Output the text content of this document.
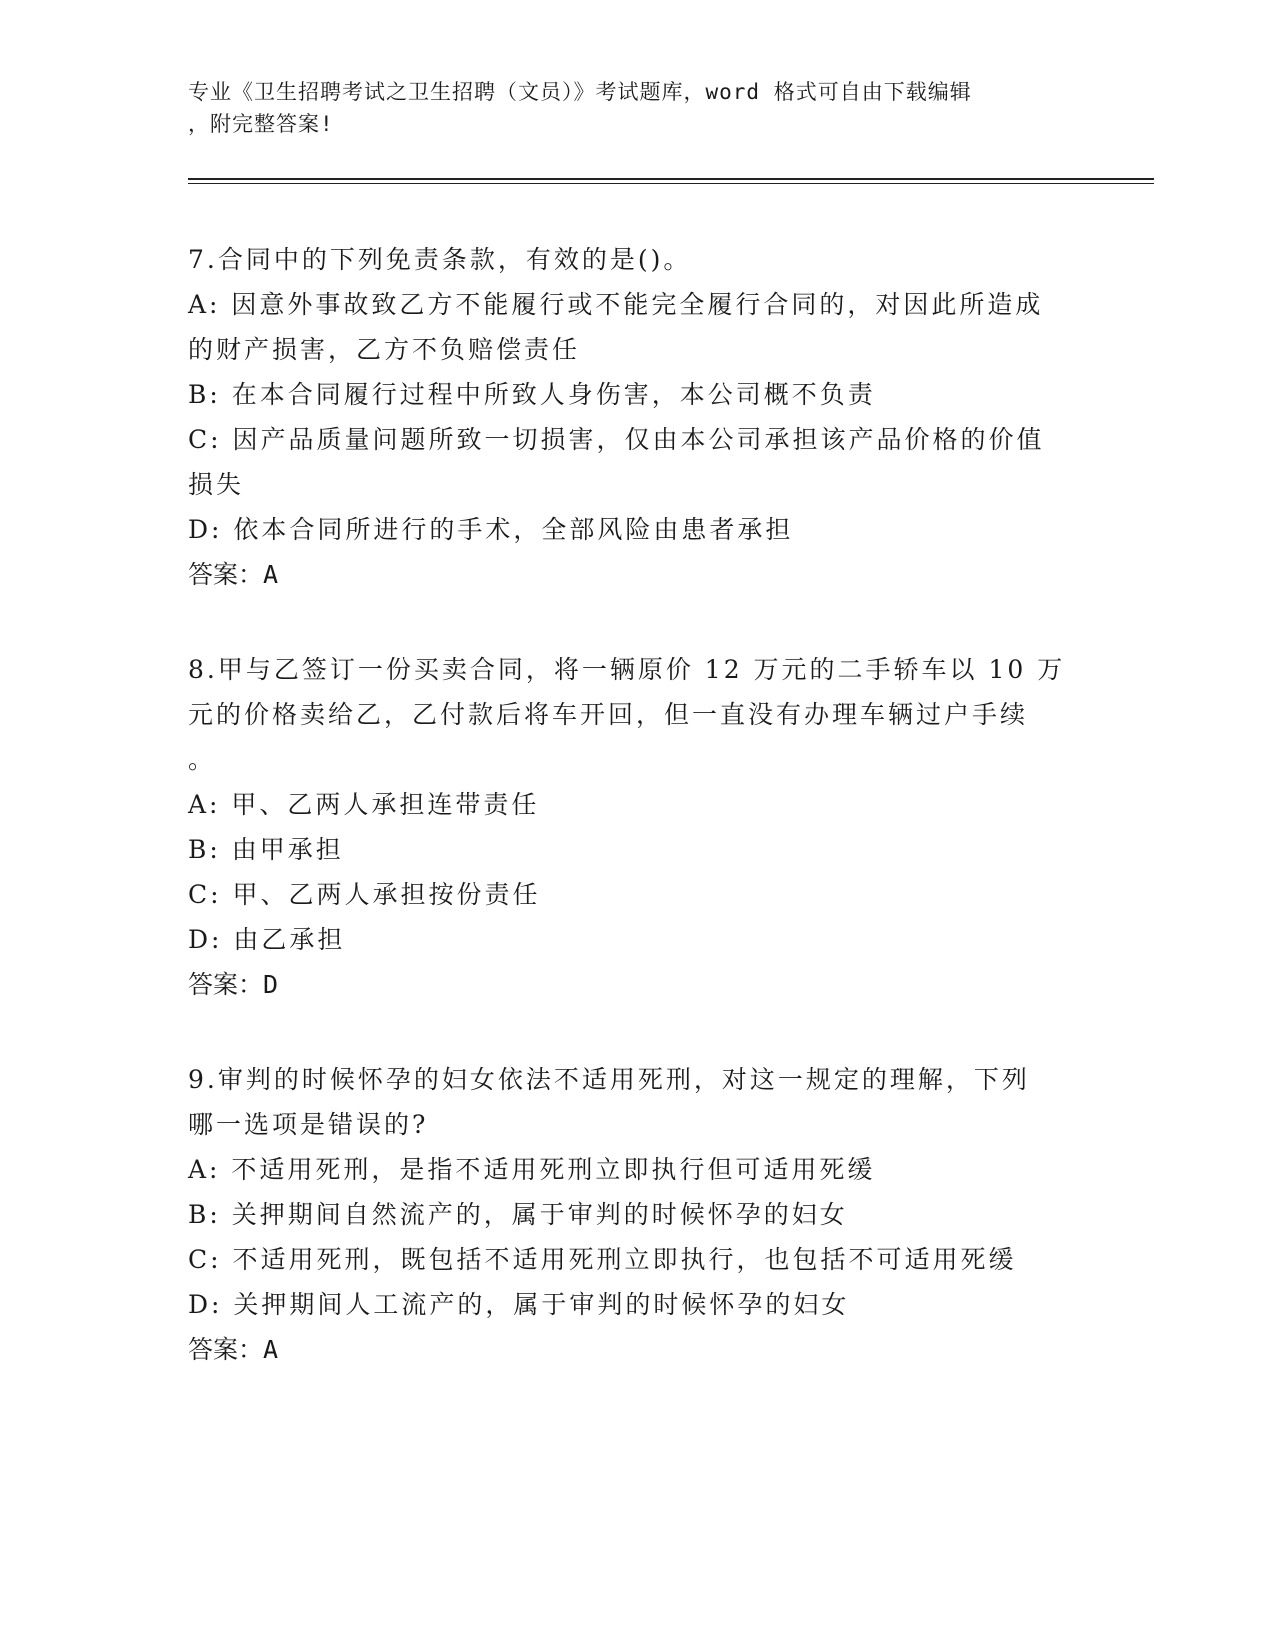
专业《卫生招聘考试之卫生招聘（文员）》考试题库，word 格式可自由下载编辑
，附完整答案!

7.合同中的下列免责条款，有效的是()。

A: 因意外事故致乙方不能履行或不能完全履行合同的，对因此所造成

的财产损害，乙方不负赔偿责任

B: 在本合同履行过程中所致人身伤害，本公司概不负责

C: 因产品质量问题所致一切损害，仅由本公司承担该产品价格的价值

损失

D: 依本合同所进行的手术，全部风险由患者承担

答案：A

8.甲与乙签订一份买卖合同，将一辆原价 12 万元的二手轿车以 10 万

元的价格卖给乙，乙付款后将车开回，但一直没有办理车辆过户手续

。

A: 甲、乙两人承担连带责任

B: 由甲承担

C: 甲、乙两人承担按份责任

D: 由乙承担

答案：D

9.审判的时候怀孕的妇女依法不适用死刑，对这一规定的理解，下列

哪一选项是错误的?

A: 不适用死刑，是指不适用死刑立即执行但可适用死缓

B: 关押期间自然流产的，属于审判的时候怀孕的妇女

C: 不适用死刑，既包括不适用死刑立即执行，也包括不可适用死缓

D: 关押期间人工流产的，属于审判的时候怀孕的妇女

答案：A
